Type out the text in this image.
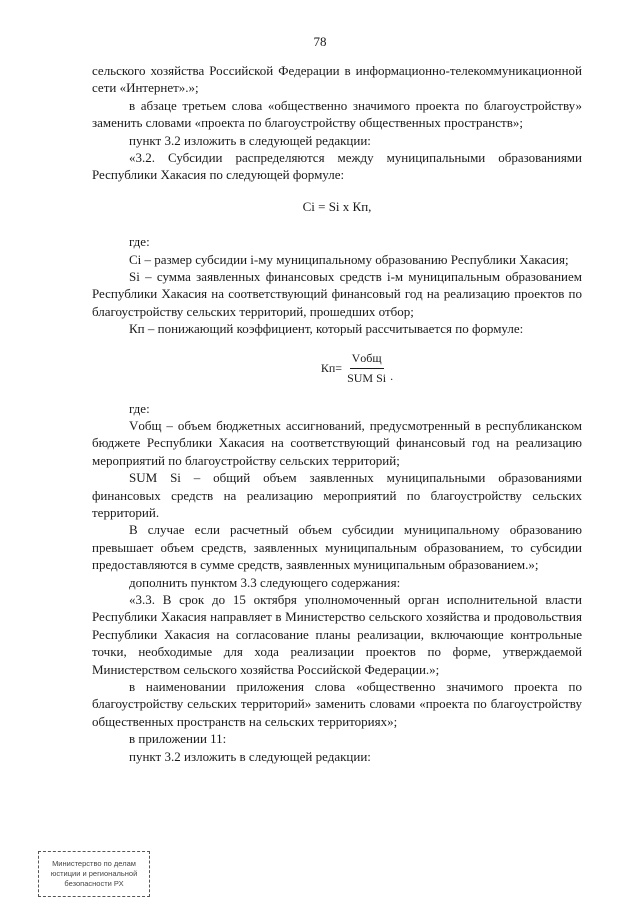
78

сельского хозяйства Российской Федерации в информационно-телекоммуникационной сети «Интернет».»;

в абзаце третьем слова «общественно значимого проекта по благоустройству» заменить словами «проекта по благоустройству общественных пространств»;

пункт 3.2 изложить в следующей редакции:

«3.2. Субсидии распределяются между муниципальными образованиями Республики Хакасия по следующей формуле:

Ci = Si x Кп,

где:

Ci – размер субсидии i-му муниципальному образованию Республики Хакасия;

Si – сумма заявленных финансовых средств i-м муниципальным образованием Республики Хакасия на соответствующий финансовый год на реализацию проектов по благоустройству сельских территорий, прошедших отбор;

Кп – понижающий коэффициент, который рассчитывается по формуле:

$Кп= \frac{\text{Vобщ}}{\text{SUM Si}}$ .

где:

Vобщ – объем бюджетных ассигнований, предусмотренный в республиканском бюджете Республики Хакасия на соответствующий финансовый год на реализацию мероприятий по благоустройству сельских территорий;

SUM Si – общий объем заявленных муниципальными образованиями финансовых средств на реализацию мероприятий по благоустройству сельских территорий.

В случае если расчетный объем субсидии муниципальному образованию превышает объем средств, заявленных муниципальным образованием, то субсидии предоставляются в сумме средств, заявленных муниципальным образованием.»;

дополнить пунктом 3.3 следующего содержания:

«3.3. В срок до 15 октября уполномоченный орган исполнительной власти Республики Хакасия направляет в Министерство сельского хозяйства и продовольствия Республики Хакасия на согласование планы реализации, включающие контрольные точки, необходимые для хода реализации проектов по форме, утверждаемой Министерством сельского хозяйства Российской Федерации.»;

в наименовании приложения слова «общественно значимого проекта по благоустройству сельских территорий» заменить словами «проекта по благоустройству общественных пространств на сельских территориях»;

в приложении 11:

пункт 3.2 изложить в следующей редакции:

Министерство по делам
юстиции и региональной
безопасности РХ
